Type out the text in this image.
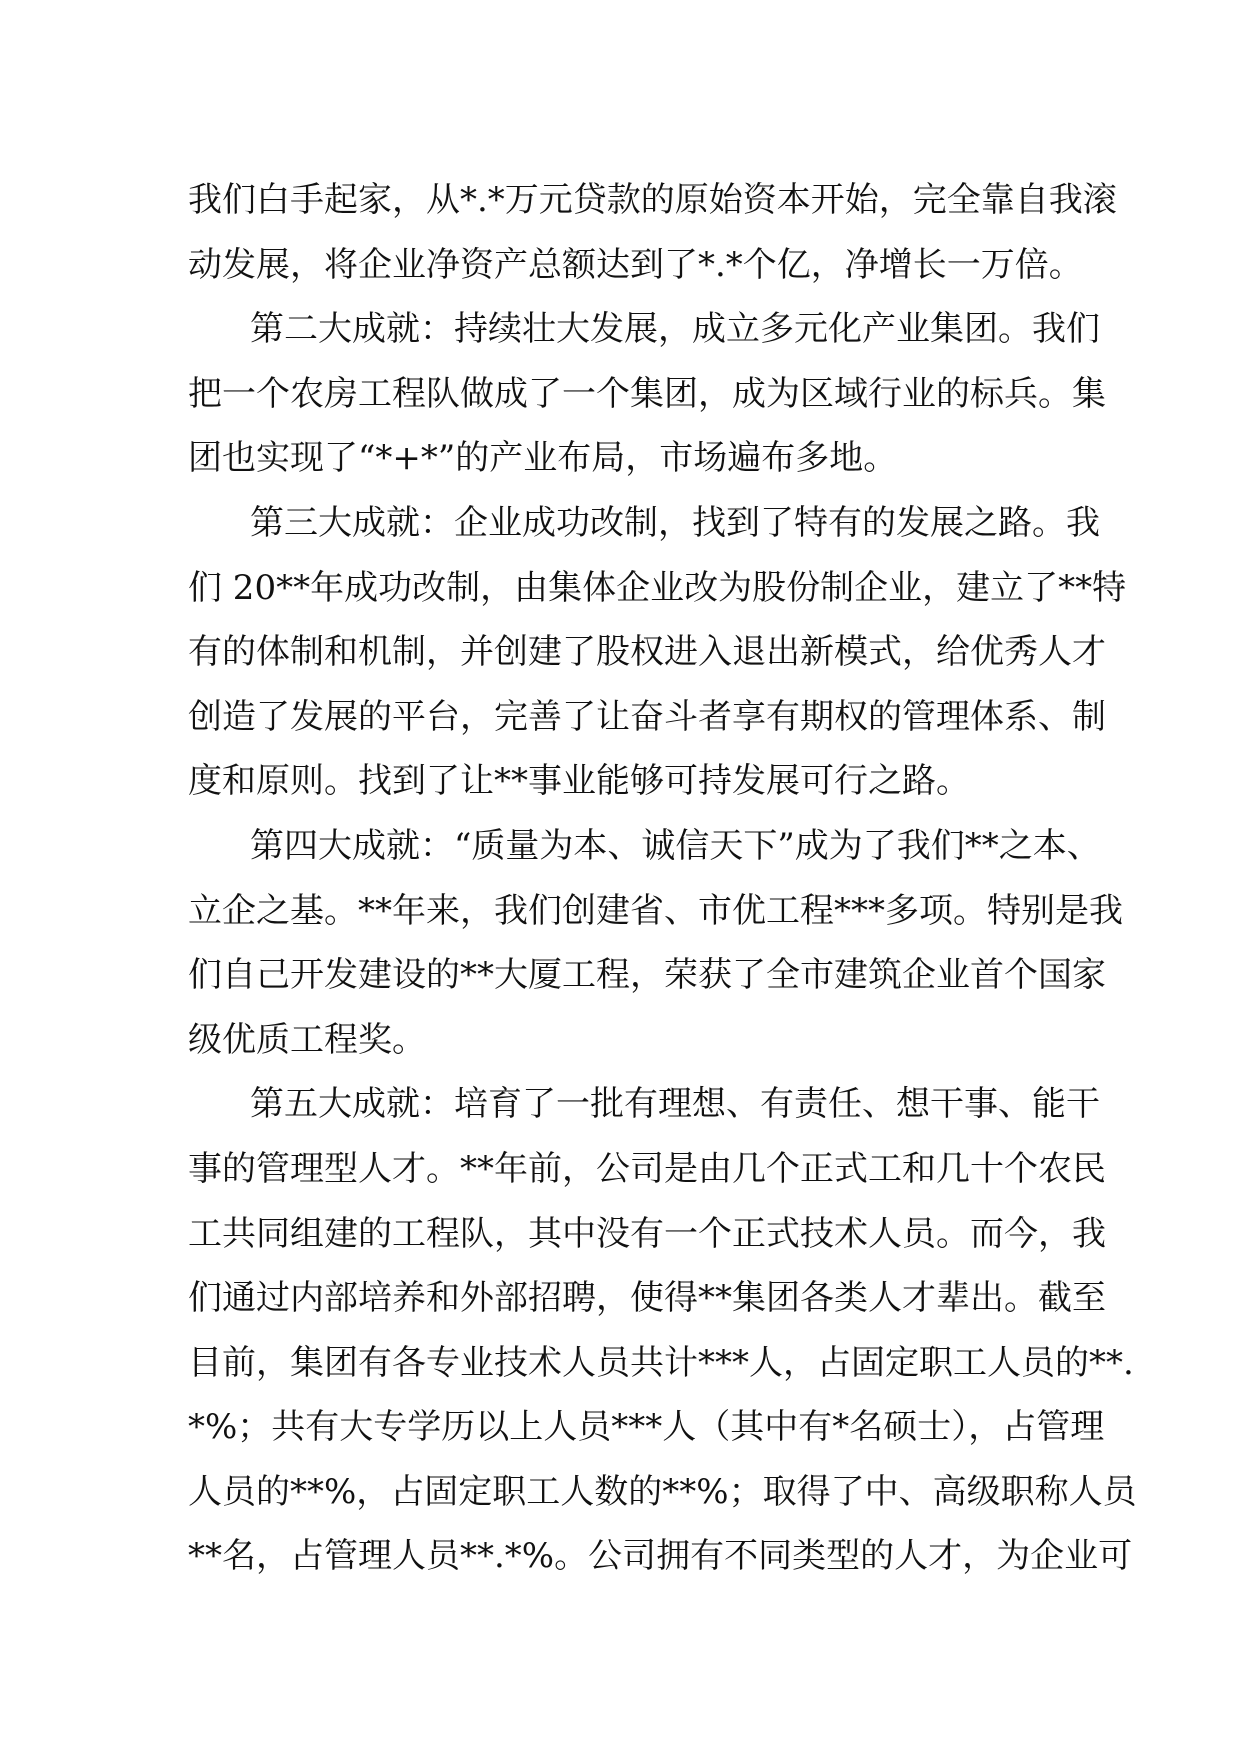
我们白手起家，从*.*万元贷款的原始资本开始，完全靠自我滚
动发展，将企业净资产总额达到了*.*个亿，净增长一万倍。
第二大成就：持续壮大发展，成立多元化产业集团。我们
把一个农房工程队做成了一个集团，成为区域行业的标兵。集
团也实现了“*+*”的产业布局，市场遍布多地。
第三大成就：企业成功改制，找到了特有的发展之路。我
们 20**年成功改制，由集体企业改为股份制企业，建立了**特
有的体制和机制，并创建了股权进入退出新模式，给优秀人才
创造了发展的平台，完善了让奋斗者享有期权的管理体系、制
度和原则。找到了让**事业能够可持发展可行之路。
第四大成就：“质量为本、诚信天下”成为了我们**之本、
立企之基。**年来，我们创建省、市优工程***多项。特别是我
们自己开发建设的**大厦工程，荣获了全市建筑企业首个国家
级优质工程奖。
第五大成就：培育了一批有理想、有责任、想干事、能干
事的管理型人才。**年前，公司是由几个正式工和几十个农民
工共同组建的工程队，其中没有一个正式技术人员。而今，我
们通过内部培养和外部招聘，使得**集团各类人才辈出。截至
目前，集团有各专业技术人员共计***人，占固定职工人员的**.
*%；共有大专学历以上人员***人（其中有*名硕士），占管理
人员的**%，占固定职工人数的**%；取得了中、高级职称人员
**名，占管理人员**.*%。公司拥有不同类型的人才，为企业可
